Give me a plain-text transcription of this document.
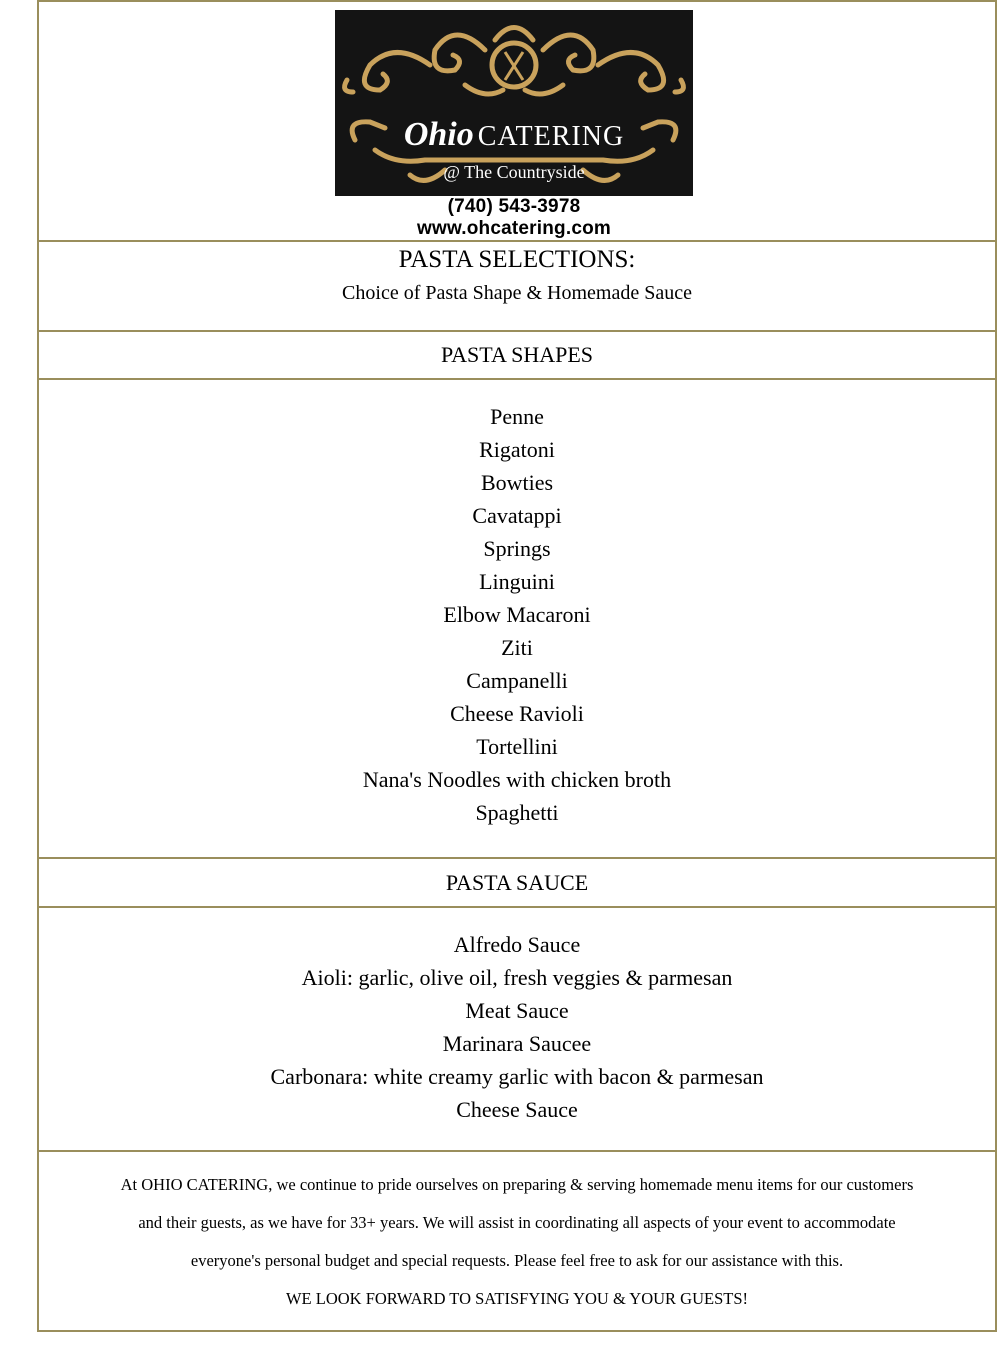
Ohio CATERING
@ The Countryside
(740) 543-3978 www.ohcatering.com
PASTA SELECTIONS:
Choice of Pasta Shape & Homemade Sauce
PASTA SHAPES
Penne
Rigatoni
Bowties
Cavatappi
Springs
Linguini
Elbow Macaroni
Ziti
Campanelli
Cheese Ravioli
Tortellini
Nana's Noodles with chicken broth
Spaghetti
PASTA SAUCE
Alfredo Sauce
Aioli: garlic, olive oil, fresh veggies & parmesan
Meat Sauce
Marinara Saucee
Carbonara: white creamy garlic with bacon & parmesan
Cheese Sauce
At OHIO CATERING, we continue to pride ourselves on preparing & serving homemade menu items for our customers and their guests, as we have for 33+ years. We will assist in coordinating all aspects of your event to accommodate everyone's personal budget and special requests. Please feel free to ask for our assistance with this.
WE LOOK FORWARD TO SATISFYING YOU & YOUR GUESTS!
